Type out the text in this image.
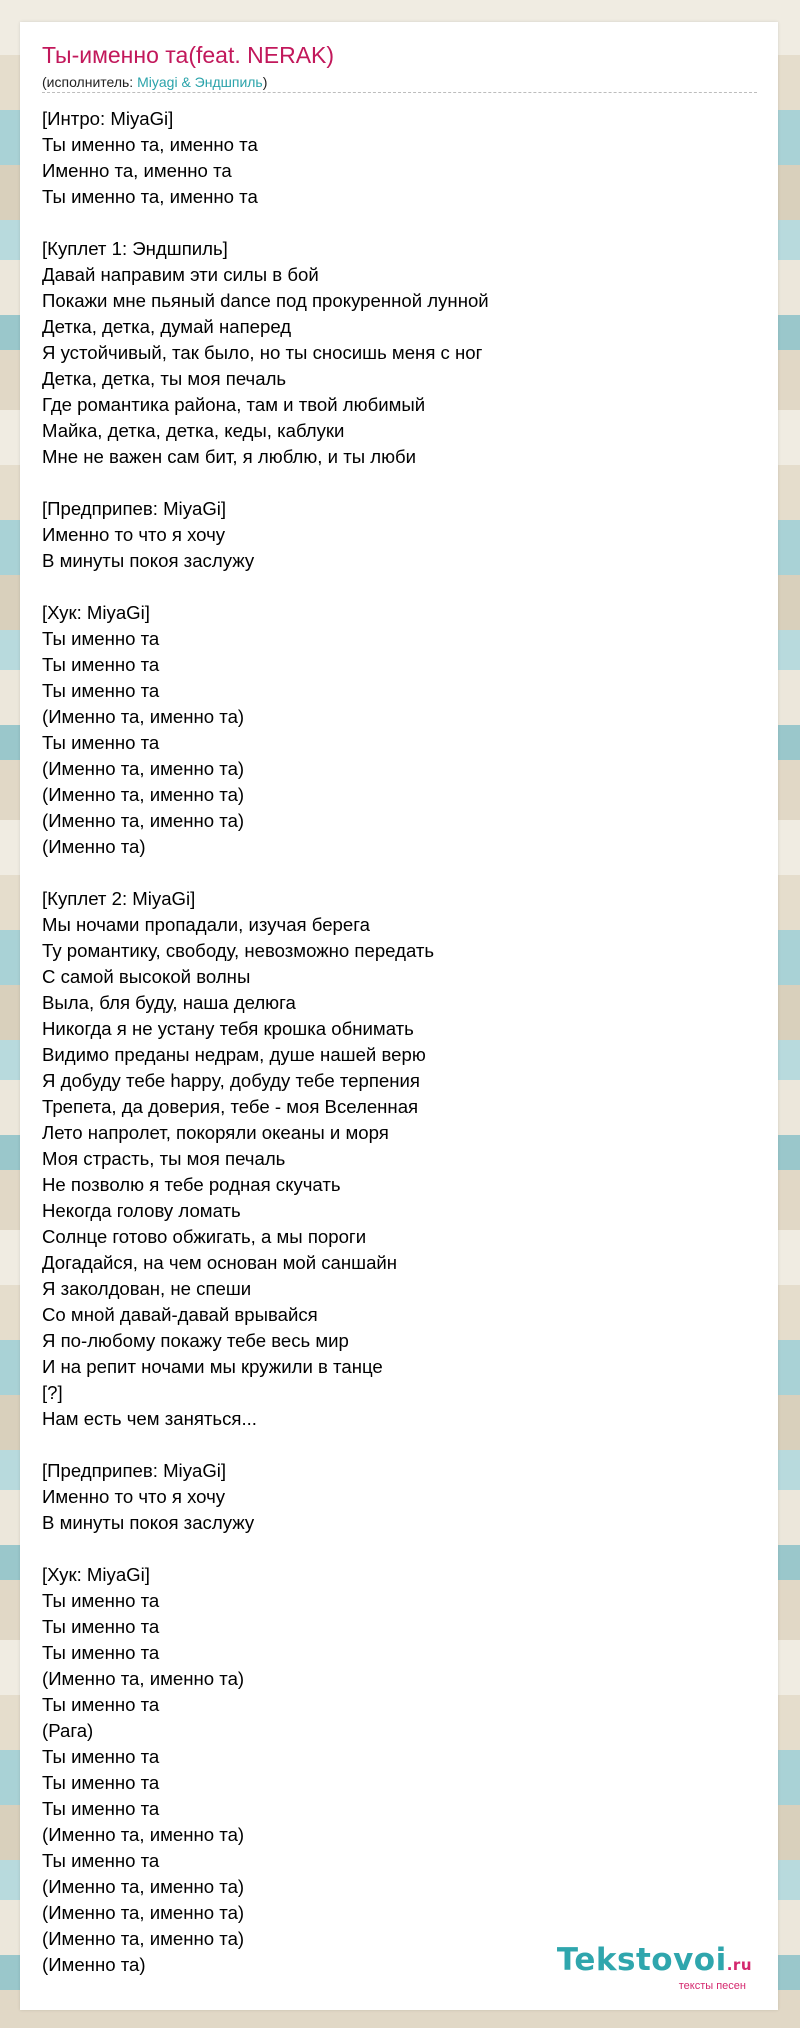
Ты-именно та(feat. NERAK)
(исполнитель: Miyagi & Эндшпиль)
[Интро: MiyaGi]
Ты именно та, именно та
Именно та, именно та
Ты именно та, именно та
[Куплет 1: Эндшпиль]
Давай направим эти силы в бой
Покажи мне пьяный dance под прокуренной лунной
Детка, детка, думай наперед
Я устойчивый, так было, но ты сносишь меня с ног
Детка, детка, ты моя печаль
Где романтика района, там и твой любимый
Майка, детка, детка, кеды, каблуки
Мне не важен сам бит, я люблю, и ты люби
[Предприпев: MiyaGi]
Именно то что я хочу
В минуты покоя заслужу
[Хук: MiyaGi]
Ты именно та
Ты именно та
Ты именно та
(Именно та, именно та)
Ты именно та
(Именно та, именно та)
(Именно та, именно та)
(Именно та, именно та)
(Именно та)
[Куплет 2: MiyaGi]
Мы ночами пропадали, изучая берега
Ту романтику, свободу, невозможно передать
С самой высокой волны
Выла, бля буду, наша делюга
Никогда я не устану тебя крошка обнимать
Видимо преданы недрам, душе нашей верю
Я добуду тебе happy, добуду тебе терпения
Трепета, да доверия, тебе - моя Вселенная
Лето напролет, покоряли океаны и моря
Моя страсть, ты моя печаль
Не позволю я тебе родная скучать
Некогда голову ломать
Солнце готово обжигать, а мы пороги
Догадайся, на чем основан мой саншайн
Я заколдован, не спеши
Со мной давай-давай врывайся
Я по-любому покажу тебе весь мир
И на репит ночами мы кружили в танце
[?]
Нам есть чем заняться...
[Предприпев: MiyaGi]
Именно то что я хочу
В минуты покоя заслужу
[Хук: MiyaGi]
Ты именно та
Ты именно та
Ты именно та
(Именно та, именно та)
Ты именно та
(Рага)
Ты именно та
Ты именно та
Ты именно та
(Именно та, именно та)
Ты именно та
(Именно та, именно та)
(Именно та, именно та)
(Именно та, именно та)
(Именно та)	Tekstovoi.ru
тексты песен
